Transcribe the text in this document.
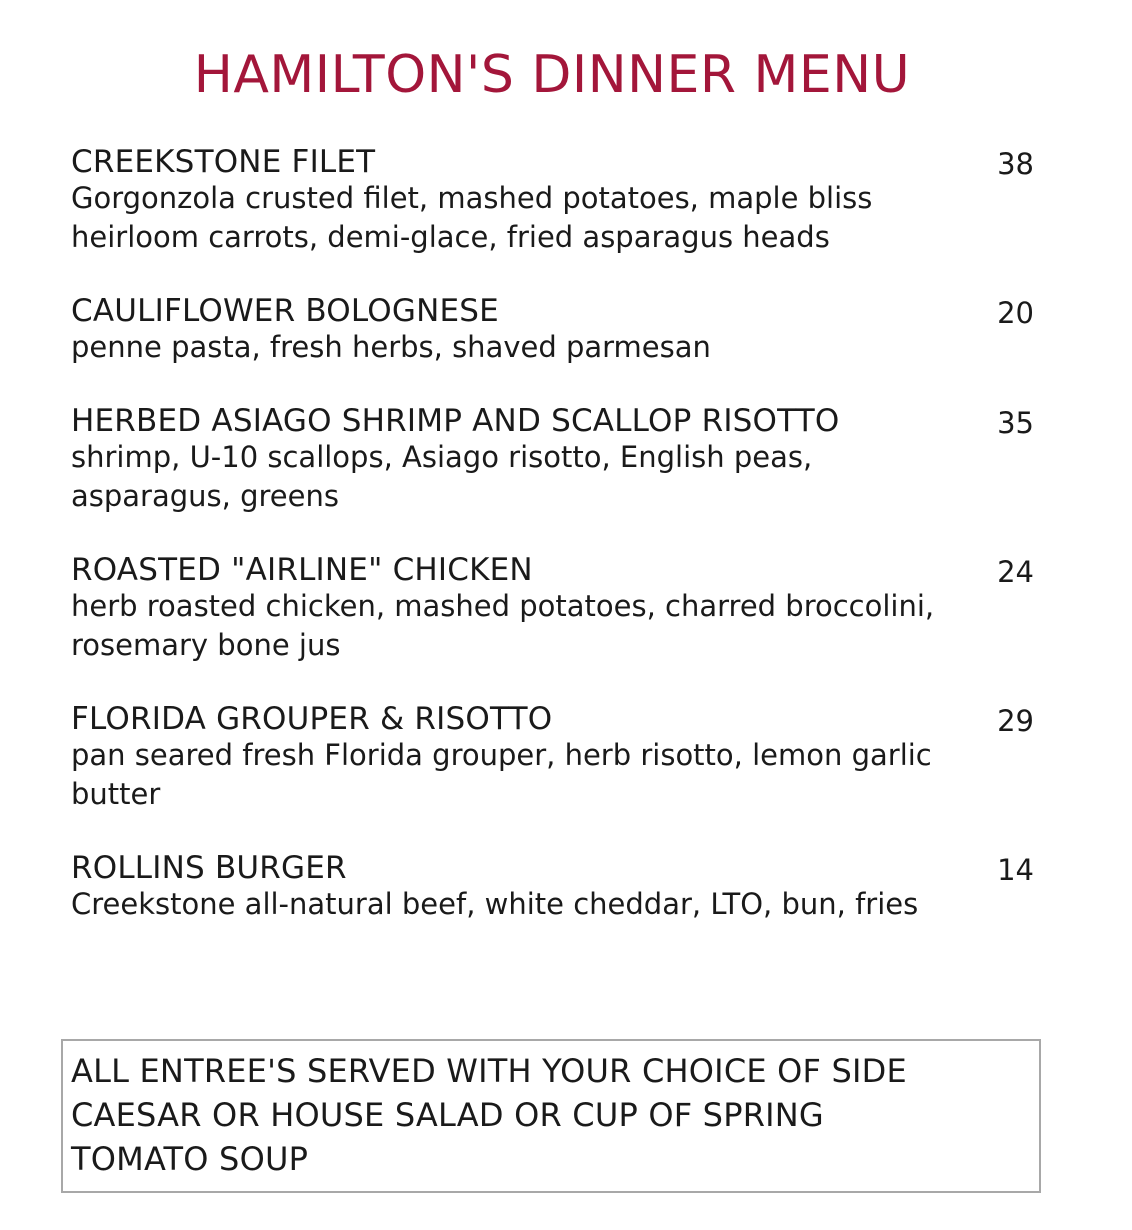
HAMILTON'S DINNER MENU
CREEKSTONE FILET	38
Gorgonzola crusted filet, mashed potatoes, maple bliss heirloom carrots, demi-glace, fried asparagus heads
CAULIFLOWER BOLOGNESE	20
penne pasta, fresh herbs, shaved parmesan
HERBED ASIAGO SHRIMP AND SCALLOP RISOTTO	35
shrimp, U-10 scallops, Asiago risotto, English peas, asparagus, greens
ROASTED "AIRLINE" CHICKEN	24
herb roasted chicken, mashed potatoes, charred broccolini, rosemary bone jus
FLORIDA GROUPER & RISOTTO	29
pan seared fresh Florida grouper, herb risotto, lemon garlic butter
ROLLINS BURGER	14
Creekstone all-natural beef, white cheddar, LTO, bun, fries
ALL ENTREE'S SERVED WITH YOUR CHOICE OF SIDE
CAESAR OR HOUSE SALAD OR CUP OF SPRING
TOMATO SOUP
